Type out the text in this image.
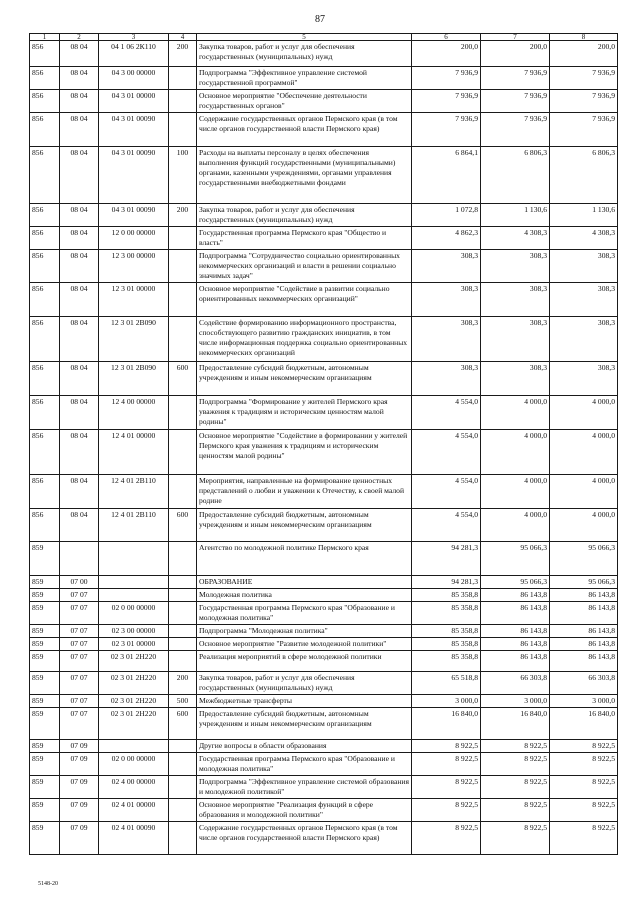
87
1	2	3	4	5	6	7	8
856	08 04	04 1 06 2К110	200	Закупка товаров, работ и услуг для обеспечения государственных (муниципальных) нужд	200,0	200,0	200,0
856	08 04	04 3 00 00000		Подпрограмма "Эффективное управление системой государственной программой"	7 936,9	7 936,9	7 936,9
856	08 04	04 3 01 00000		Основное мероприятие "Обеспечение деятельности государственных органов"	7 936,9	7 936,9	7 936,9
856	08 04	04 3 01 00090		Содержание государственных органов Пермского края (в том числе органов государственной власти Пермского края)	7 936,9	7 936,9	7 936,9
856	08 04	04 3 01 00090	100	Расходы на выплаты персоналу в целях обеспечения выполнения функций государственными (муниципальными) органами, казенными учреждениями, органами управления государственными внебюджетными фондами	6 864,1	6 806,3	6 806,3
856	08 04	04 3 01 00090	200	Закупка товаров, работ и услуг для обеспечения государственных (муниципальных) нужд	1 072,8	1 130,6	1 130,6
856	08 04	12 0 00 00000		Государственная программа Пермского края "Общество и власть"	4 862,3	4 308,3	4 308,3
856	08 04	12 3 00 00000		Подпрограмма "Сотрудничество социально ориентированных некоммерческих организаций и власти в решении социально значимых задач"	308,3	308,3	308,3
856	08 04	12 3 01 00000		Основное мероприятие "Содействие в развитии социально ориентированных некоммерческих организаций"	308,3	308,3	308,3
856	08 04	12 3 01 2В090		Содействие формированию информационного пространства, способствующего развитию гражданских инициатив, в том числе информационная поддержка социально ориентированных некоммерческих организаций	308,3	308,3	308,3
856	08 04	12 3 01 2В090	600	Предоставление субсидий бюджетным, автономным учреждениям и иным некоммерческим организациям	308,3	308,3	308,3
856	08 04	12 4 00 00000		Подпрограмма "Формирование у жителей Пермского края уважения к традициям и историческим ценностям малой родины"	4 554,0	4 000,0	4 000,0
856	08 04	12 4 01 00000		Основное мероприятие "Содействие в формировании у жителей Пермского края уважения к традициям и историческим ценностям малой родины"	4 554,0	4 000,0	4 000,0
856	08 04	12 4 01 2В110		Мероприятия, направленные на формирование ценностных представлений о любви и уважении к Отечеству, к своей малой родине	4 554,0	4 000,0	4 000,0
856	08 04	12 4 01 2В110	600	Предоставление субсидий бюджетным, автономным учреждениям и иным некоммерческим организациям	4 554,0	4 000,0	4 000,0
859				Агентство по молодежной политике Пермского края	94 281,3	95 066,3	95 066,3
859	07 00			ОБРАЗОВАНИЕ	94 281,3	95 066,3	95 066,3
859	07 07			Молодежная политика	85 358,8	86 143,8	86 143,8
859	07 07	02 0 00 00000		Государственная программа Пермского края "Образование и молодежная политика"	85 358,8	86 143,8	86 143,8
859	07 07	02 3 00 00000		Подпрограмма "Молодежная политика"	85 358,8	86 143,8	86 143,8
859	07 07	02 3 01 00000		Основное мероприятие "Развитие молодежной политики"	85 358,8	86 143,8	86 143,8
859	07 07	02 3 01 2Н220		Реализация мероприятий в сфере молодежной политики	85 358,8	86 143,8	86 143,8
859	07 07	02 3 01 2Н220	200	Закупка товаров, работ и услуг для обеспечения государственных (муниципальных) нужд	65 518,8	66 303,8	66 303,8
859	07 07	02 3 01 2Н220	500	Межбюджетные трансферты	3 000,0	3 000,0	3 000,0
859	07 07	02 3 01 2Н220	600	Предоставление субсидий бюджетным, автономным учреждениям и иным некоммерческим организациям	16 840,0	16 840,0	16 840,0
859	07 09			Другие вопросы в области образования	8 922,5	8 922,5	8 922,5
859	07 09	02 0 00 00000		Государственная программа Пермского края "Образование и молодежная политика"	8 922,5	8 922,5	8 922,5
859	07 09	02 4 00 00000		Подпрограмма "Эффективное управление системой образования и молодежной политикой"	8 922,5	8 922,5	8 922,5
859	07 09	02 4 01 00000		Основное мероприятие "Реализация функций в сфере образования и молодежной политики"	8 922,5	8 922,5	8 922,5
859	07 09	02 4 01 00090		Содержание государственных органов Пермского края (в том числе органов государственной власти Пермского края)	8 922,5	8 922,5	8 922,5
5148-20
